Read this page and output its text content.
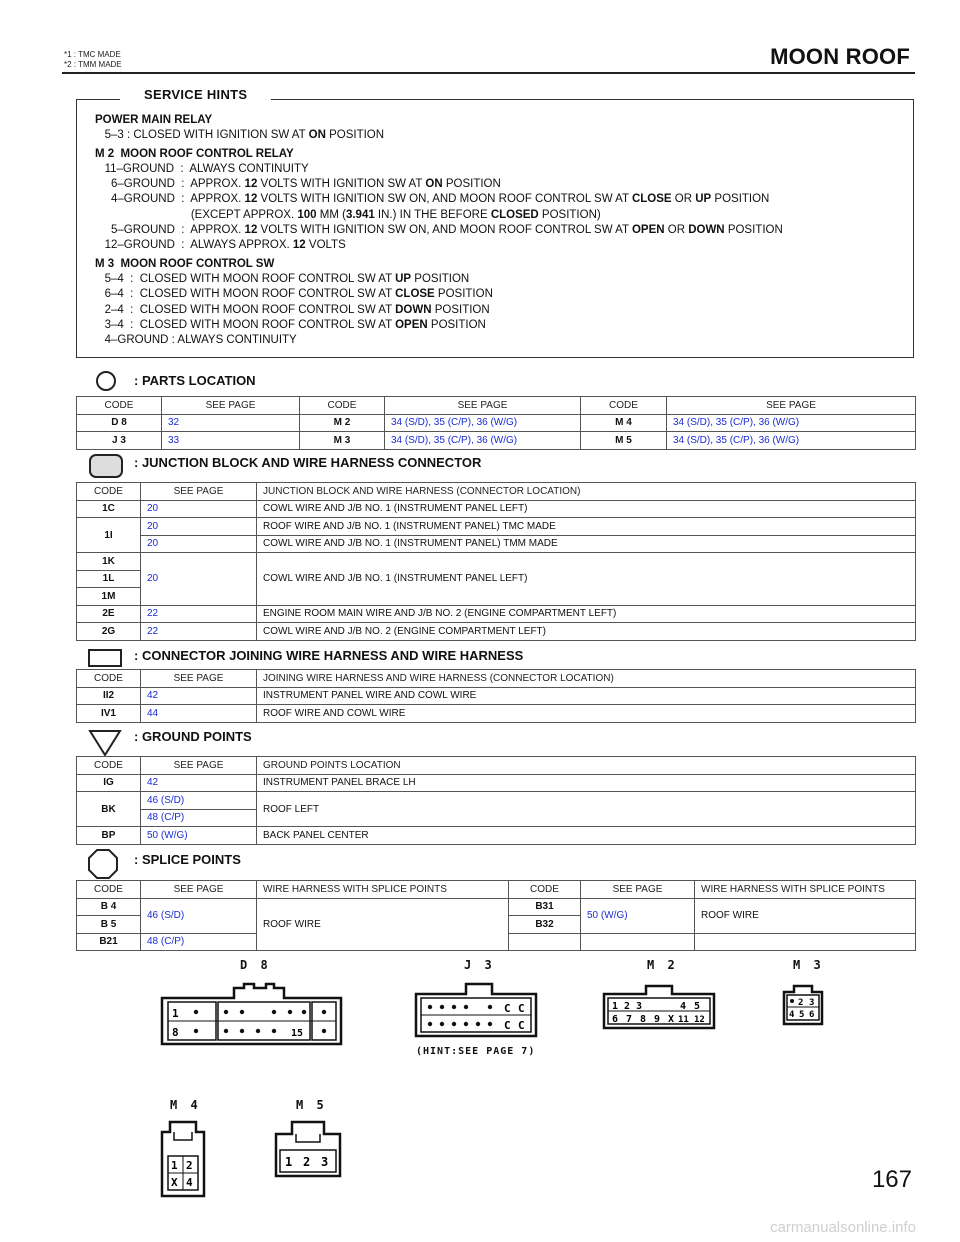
*1 : TMC MADE
*2 : TMM MADE	MOON ROOF
SERVICE HINTS
POWER MAIN RELAY
5–3 : CLOSED WITH IGNITION SW AT ON POSITION
M 2  MOON ROOF CONTROL RELAY
11–GROUND  :  ALWAYS CONTINUITY
6–GROUND  :  APPROX. 12 VOLTS WITH IGNITION SW AT ON POSITION
4–GROUND  :  APPROX. 12 VOLTS WITH IGNITION SW ON, AND MOON ROOF CONTROL SW AT CLOSE OR UP POSITION
(EXCEPT APPROX. 100 MM (3.941 IN.) IN THE BEFORE CLOSED POSITION)
5–GROUND  :  APPROX. 12 VOLTS WITH IGNITION SW ON, AND MOON ROOF CONTROL SW AT OPEN OR DOWN POSITION
12–GROUND  :  ALWAYS APPROX. 12 VOLTS
M 3  MOON ROOF CONTROL SW
5–4  :  CLOSED WITH MOON ROOF CONTROL SW AT UP POSITION
6–4  :  CLOSED WITH MOON ROOF CONTROL SW AT CLOSE POSITION
2–4  :  CLOSED WITH MOON ROOF CONTROL SW AT DOWN POSITION
3–4  :  CLOSED WITH MOON ROOF CONTROL SW AT OPEN POSITION
4–GROUND : ALWAYS CONTINUITY
: PARTS LOCATION
CODE	SEE PAGE	CODE	SEE PAGE	CODE	SEE PAGE
D 8	32	M 2	34 (S/D), 35 (C/P), 36 (W/G)	M 4	34 (S/D), 35 (C/P), 36 (W/G)
J 3	33	M 3	34 (S/D), 35 (C/P), 36 (W/G)	M 5	34 (S/D), 35 (C/P), 36 (W/G)
: JUNCTION BLOCK AND WIRE HARNESS CONNECTOR
CODE	SEE PAGE	JUNCTION BLOCK AND WIRE HARNESS (CONNECTOR LOCATION)
1C	20	COWL WIRE AND J/B NO. 1 (INSTRUMENT PANEL LEFT)
1I	20	ROOF WIRE AND J/B NO. 1 (INSTRUMENT PANEL) TMC MADE
	20	COWL WIRE AND J/B NO. 1 (INSTRUMENT PANEL) TMM MADE
1K	20	COWL WIRE AND J/B NO. 1 (INSTRUMENT PANEL LEFT)
1L		
1M		
2E	22	ENGINE ROOM MAIN WIRE AND J/B NO. 2 (ENGINE COMPARTMENT LEFT)
2G	22	COWL WIRE AND J/B NO. 2 (ENGINE COMPARTMENT LEFT)
: CONNECTOR JOINING WIRE HARNESS AND WIRE HARNESS
CODE	SEE PAGE	JOINING WIRE HARNESS AND WIRE HARNESS (CONNECTOR LOCATION)
II2	42	INSTRUMENT PANEL WIRE AND COWL WIRE
IV1	44	ROOF WIRE AND COWL WIRE
: GROUND POINTS
CODE	SEE PAGE	GROUND POINTS LOCATION
IG	42	INSTRUMENT PANEL BRACE LH
BK	46 (S/D)	ROOF LEFT
	48 (C/P)	
BP	50 (W/G)	BACK PANEL CENTER
: SPLICE POINTS
CODE	SEE PAGE	WIRE HARNESS WITH SPLICE POINTS	CODE	SEE PAGE	WIRE HARNESS WITH SPLICE POINTS
B 4	46 (S/D)	ROOF WIRE	B31	50 (W/G)	ROOF WIRE
B 5			B32		
B21	48 (C/P)				
D 8	J 3	M 2	M 3
M 4	M 5
(HINT:SEE PAGE 7)
1
8	15
C C
C C
1 2 3	4 5
6 7 8 9 X 11 12
2 3
4 5 6
1 2
X 4
1 2 3
167
carmanualsonline.info
